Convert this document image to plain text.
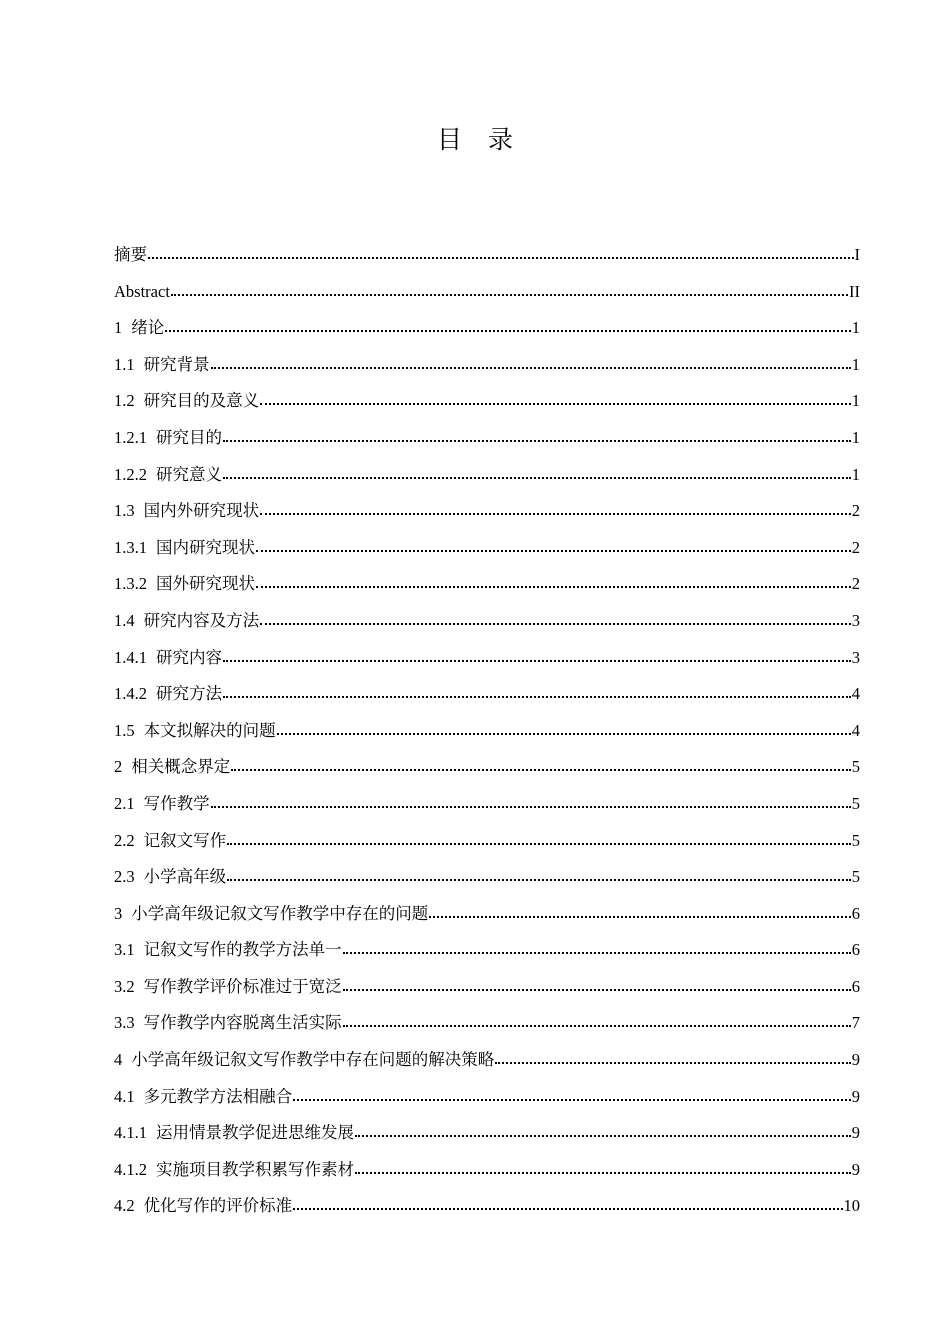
目录
摘要	I
Abstract	II
1 绪论	1
1.1 研究背景	1
1.2 研究目的及意义	1
1.2.1 研究目的	1
1.2.2 研究意义	1
1.3 国内外研究现状	2
1.3.1 国内研究现状	2
1.3.2 国外研究现状	2
1.4 研究内容及方法	3
1.4.1 研究内容	3
1.4.2 研究方法	4
1.5 本文拟解决的问题	4
2 相关概念界定	5
2.1 写作教学	5
2.2 记叙文写作	5
2.3 小学高年级	5
3 小学高年级记叙文写作教学中存在的问题	6
3.1 记叙文写作的教学方法单一	6
3.2 写作教学评价标准过于宽泛	6
3.3 写作教学内容脱离生活实际	7
4 小学高年级记叙文写作教学中存在问题的解决策略	9
4.1 多元教学方法相融合	9
4.1.1 运用情景教学促进思维发展	9
4.1.2 实施项目教学积累写作素材	9
4.2 优化写作的评价标准	10
